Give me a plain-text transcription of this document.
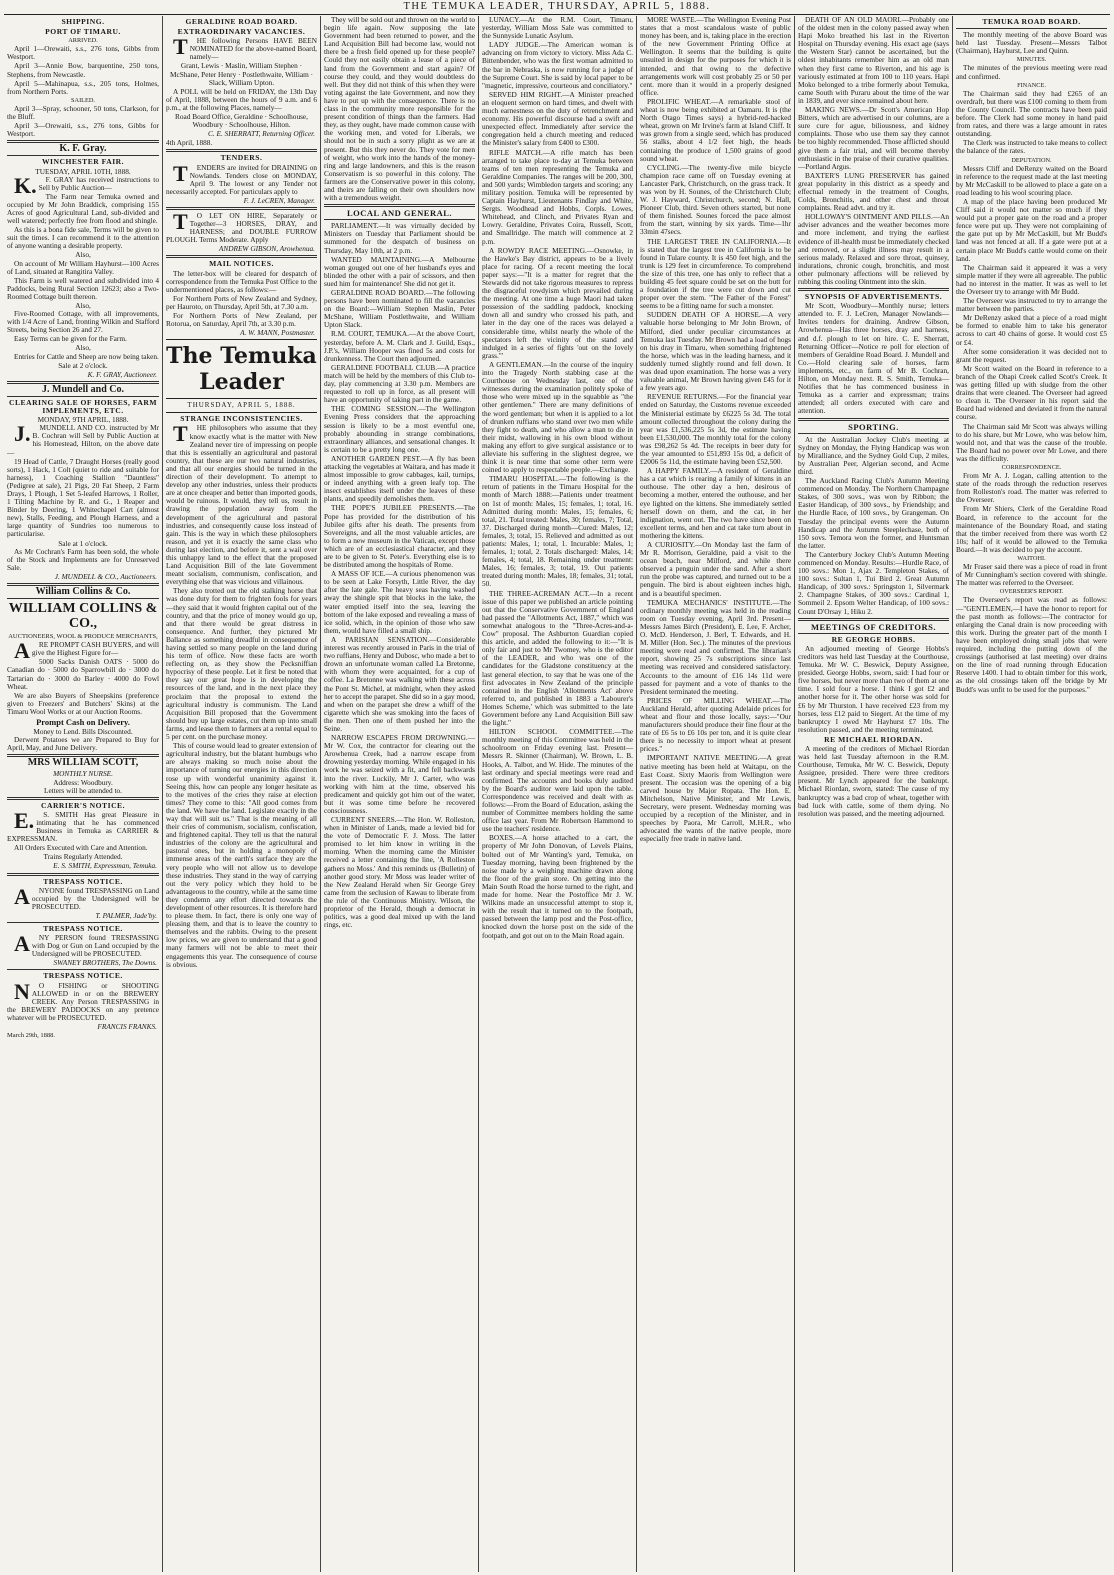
THE TEMUKA LEADER, THURSDAY, APRIL 5, 1888.
SHIPPING.
PORT OF TIMARU.
ARRIVED.

April 1—Orewaiti, s.s., 276 tons, Gibbs from Westport.

April 3—Annie Bow, barquentine, 250 tons, Stephens, from Newcastle.

April 5—Mahinapua, s.s., 205 tons, Holmes, from Northern Ports.

SAILED.

April 3—Spray, schooner, 50 tons, Clarkson, for the Bluff.

April 3—Orewaiti, s.s., 276 tons, Gibbs for Westport.

K. F. Gray.
WINCHESTER FAIR.
TUESDAY, APRIL 10TH, 1888.

K.F. GRAY has received instructions to Sell by Public Auction—

The Farm near Temuka owned and occupied by Mr John Braddick, comprising 155 Acres of good Agricultural Land, sub-divided and well watered; perfectly free from flood and shingle.

As this is a bona fide sale, Terms will be given to suit the times. I can recommend it to the attention of anyone wanting a desirable property.

Also,

On account of Mr William Hayhurst—100 Acres of Land, situated at Rangitira Valley.

This Farm is well watered and subdivided into 4 Paddocks, being Rural Section 12623; also a Two-Roomed Cottage built thereon.

Also,

Five-Roomed Cottage, with all improvements, with 1/4 Acre of Land, fronting Wilkin and Stafford Streets, being Section 26 and 27.

Easy Terms can be given for the Farm.

Also,

Entries for Cattle and Sheep are now being taken.

Sale at 2 o'clock.
K. F. GRAY, Auctioneer.
J. Mundell and Co.
CLEARING SALE OF HORSES, FARM IMPLEMENTS, ETC.
MONDAY, 9TH APRIL, 1888.

J.MUNDELL AND CO. instructed by Mr B. Cochran will Sell by Public Auction at his Homestead, Hilton, on the above date—

19 Head of Cattle, 7 Draught Horses (really good sorts), 1 Hack, 1 Colt (quiet to ride and suitable for harness), 1 Coaching Stallion "Dauntless" (Pedigree at sale), 21 Pigs, 20 Fat Sheep, 2 Farm Drays, 1 Plough, 1 Set 5-leafed Harrows, 1 Roller, 1 Tilting Machine by R. and G., 1 Reaper and Binder by Deering, 1 Whitechapel Cart (almost new), Stalls, Feeding, and Plough Harness, and a large quantity of Sundries too numerous to particularise.

Sale at 1 o'clock.

As Mr Cochran's Farm has been sold, the whole of the Stock and Implements are for Unreserved Sale.

J. MUNDELL & CO., Auctioneers.
William Collins & Co.
WILLIAM COLLINS & CO.,
AUCTIONEERS, WOOL & PRODUCE MERCHANTS,

ARE PROMPT CASH BUYERS, and will give the Highest Figure for—

5000 Sacks Danish OATS · 5000 do Canadian do · 5000 do Sparrowbill do · 3000 do Tartarian do · 3000 do Barley · 4000 do Fowl Wheat.

We are also Buyers of Sheepskins (preference given to Freezers' and Butchers' Skins) at the Timaru Wool Works or at our Auction Rooms.

Prompt Cash on Delivery.
Money to Lend. Bills Discounted.

Derwent Potatoes we are Prepared to Buy for April, May, and June Delivery.

MRS WILLIAM SCOTT,
MONTHLY NURSE.
Address: Woodbury.
Letters will be attended to.
CARRIER'S NOTICE.

E.S. SMITH Has great Pleasure in intimating that he has commenced Business in Temuka as CARRIER & EXPRESSMAN.

All Orders Executed with Care and Attention.

Trains Regularly Attended.
E. S. SMITH, Expressman, Temuka.
TRESPASS NOTICE.

ANYONE found TRESPASSING on Land occupied by the Undersigned will be PROSECUTED.

T. PALMER, Jade'by.
TRESPASS NOTICE.

ANY PERSON found TRESPASSING with Dog or Gun on Land occupied by the Undersigned will be PROSECUTED.

SWANEY BROTHERS, The Downs.
TRESPASS NOTICE.

NO FISHING or SHOOTING ALLOWED in or on the BREWERY CREEK. Any Person TRESPASSING in the BREWERY PADDOCKS on any pretence whatever will be PROSECUTED.

FRANCIS FRANKS.
March 29th, 1888.
GERALDINE ROAD BOARD.
EXTRAORDINARY VACANCIES.

THE following Persons HAVE BEEN NOMINATED for the above-named Board, namely—

Grant, Lewis · Maslin, William Stephen · McShane, Peter Henry · Postlethwaite, William · Slack, William Upton.

A POLL will be held on FRIDAY, the 13th Day of April, 1888, between the hours of 9 a.m. and 6 p.m., at the following Places, namely—

Road Board Office, Geraldine · Schoolhouse, Woodbury · Schoolhouse, Hilton.

C. E. SHERRATT, Returning Officer.
4th April, 1888.
TENDERS.

TENDERS are invited for DRAINING on Nowlands. Tenders close on MONDAY, April 9. The lowest or any Tender not necessarily accepted. For particulars apply to

F. J. LeCREN, Manager.

TO LET ON HIRE, Separately or Together—3 HORSES, DRAY, and HARNESS; and DOUBLE FURROW PLOUGH. Terms Moderate. Apply

ANDREW GIBSON, Arowhenua.
MAIL NOTICES.

The letter-box will be cleared for despatch of correspondence from the Temuka Post Office to the undermentioned places, as follows:—

For Northern Ports of New Zealand and Sydney, per Hauroto, on Thursday, April 5th, at 7.30 a.m.

For Northern Ports of New Zealand, per Rotorua, on Saturday, April 7th, at 3.30 p.m.

A. W. MANN, Postmaster.
The Temuka Leader
THURSDAY, APRIL 5, 1888.
STRANGE INCONSISTENCIES.

THE philosophers who assume that they know exactly what is the matter with New Zealand never tire of impressing on people that this is essentially an agricultural and pastoral country, that these are our two natural industries, and that all our energies should be turned in the direction of their development. To attempt to develop any other industries, unless their products are at once cheaper and better than imported goods, would be ruinous. It would, they tell us, result in drawing the population away from the development of the agricultural and pastoral industries, and consequently cause loss instead of gain. This is the way in which these philosophers reason, and yet it is exactly the same class who during last election, and before it, sent a wail over this unhappy land to the effect that the proposed Land Acquisition Bill of the late Government meant socialism, communism, confiscation, and everything else that was vicious and villainous.

They also trotted out the old stalking horse that was done duty for them to frighten fools for years—they said that it would frighten capital out of the country, and that the price of money would go up, and that there would be great distress in consequence. And further, they pictured Mr Ballance as something dreadful in consequence of having settled so many people on the land during his term of office. Now these facts are worth reflecting on, as they show the Pecksniffian hypocrisy of these people. Let it first be noted that they say our great hope is in developing the resources of the land, and in the next place they proclaim that the proposal to extend the agricultural industry is communism. The Land Acquisition Bill proposed that the Government should buy up large estates, cut them up into small farms, and lease them to farmers at a rental equal to 5 per cent. on the purchase money.

This of course would lead to greater extension of agricultural industry, but the blatant humbugs who are always making so much noise about the importance of turning our energies in this direction rose up with wonderful unanimity against it. Seeing this, how can people any longer hesitate as to the motives of the cries they raise at election times? They come to this: "All good comes from the land. We have the land. Legislate exactly in the way that will suit us." That is the meaning of all their cries of communism, socialism, confiscation, and frightened capital. They tell us that the natural industries of the colony are the agricultural and pastoral ones, but in holding a monopoly of immense areas of the earth's surface they are the very people who will not allow us to develope these industries. They stand in the way of carrying out the very policy which they hold to be advantageous to the country, while at the same time they condemn any effort directed towards the development of other resources. It is therefore hard to please them. In fact, there is only one way of pleasing them, and that is to leave the country to themselves and the rabbits. Owing to the present low prices, we are given to understand that a good many farmers will not be able to meet their engagements this year. The consequence of course is obvious.

They will be sold out and thrown on the world to begin life again. Now supposing the late Government had been returned to power, and the Land Acquisition Bill had become law, would not there be a fresh field opened up for these people? Could they not easily obtain a lease of a piece of land from the Government and start again? Of course they could, and they would doubtless do well. But they did not think of this when they were voting against the late Government, and now they have to put up with the consequence. There is no class in the community more responsible for the present condition of things than the farmers. Had they, as they ought, have made common cause with the working men, and voted for Liberals, we should not be in such a sorry plight as we are at present. But this they never do. They vote for men of weight, who work into the hands of the money-ring and large landowners, and this is the reason Conservatism is so powerful in this colony. The farmers are the Conservative power in this colony, and theirs are falling on their own shoulders now with a tremendous weight.

LOCAL AND GENERAL.

PARLIAMENT.—It was virtually decided by Ministers on Tuesday that Parliament should be summoned for the despatch of business on Thursday, May 10th, at 2 p.m.

WANTED MAINTAINING.—A Melbourne woman gouged out one of her husband's eyes and blinded the other with a pair of scissors, and then sued him for maintenance! She did not get it.

GERALDINE ROAD BOARD.—The following persons have been nominated to fill the vacancies on the Board:—William Stephen Maslin, Peter McShane, William Postlethwaite, and William Upton Slack.

R.M. COURT, TEMUKA.—At the above Court, yesterday, before A. M. Clark and J. Guild, Esqs., J.P.'s, William Hooper was fined 5s and costs for drunkenness. The Court then adjourned.

GERALDINE FOOTBALL CLUB.—A practice match will be held by the members of this Club to-day, play commencing at 3.30 p.m. Members are requested to roll up in force, as all present will have an opportunity of taking part in the game.

THE COMING SESSION.—The Wellington Evening Press considers that the approaching session is likely to be a most eventful one, probably abounding in strange combinations, extraordinary alliances, and sensational changes. It is certain to be a pretty long one.

ANOTHER GARDEN PEST.—A fly has been attacking the vegetables at Waitara, and has made it almost impossible to grow cabbages, kail, turnips, or indeed anything with a green leafy top. The insect establishes itself under the leaves of these plants, and speedily demolishes them.

THE POPE'S JUBILEE PRESENTS.—The Pope has provided for the distribution of his Jubilee gifts after his death. The presents from Sovereigns, and all the most valuable articles, are to form a new museum in the Vatican, except those which are of an ecclesiastical character, and they are to be given to St. Peter's. Everything else is to be distributed among the hospitals of Rome.

A MASS OF ICE.—A curious phenomenon was to be seen at Lake Forsyth, Little River, the day after the late gale. The heavy seas having washed away the shingle spit that blocks in the lake, the water emptied itself into the sea, leaving the bottom of the lake exposed and revealing a mass of ice solid, which, in the opinion of those who saw them, would have filled a small ship.

A PARISIAN SENSATION.—Considerable interest was recently aroused in Paris in the trial of two ruffians, Henry and Dubosc, who made a bet to drown an unfortunate woman called La Bretonne, with whom they were acquainted, for a cup of coffee. La Bretonne was walking with these across the Pont St. Michel, at midnight, when they asked her to accept the parapet. She did so in a gay mood, and when on the parapet she drew a whiff of the cigarette which she was smoking into the faces of the men. Then one of them pushed her into the Seine.

NARROW ESCAPES FROM DROWNING.—Mr W. Cox, the contractor for clearing out the Arowhenua Creek, had a narrow escape from drowning yesterday morning. While engaged in his work he was seized with a fit, and fell backwards into the river. Luckily, Mr J. Carter, who was working with him at the time, observed his predicament and quickly got him out of the water, but it was some time before he recovered consciousness.

CURRENT SNEERS.—The Hon. W. Rolleston, when in Minister of Lands, made a levied bid for the vote of Democratic F. J. Moss. The latter promised to let him know in writing in the morning. When the morning came the Minister received a letter containing the line, 'A Rolleston gathers no Moss.' And this reminds us (Bulletin) of another good story. Mr Moss was leader writer of the New Zealand Herald when Sir George Grey came from the seclusion of Kawau to liberate from the rule of the Continuous Ministry. Wilson, the proprietor of the Herald, though a democrat in politics, was a good deal mixed up with the land rings, etc.

LUNACY.—At the R.M. Court, Timaru, yesterday, William Moss Sale was committed to the Sunnyside Lunatic Asylum.

LADY JUDGE.—The American woman is advancing on from victory to victory. Miss Ada C. Bittenbender, who was the first woman admitted to the bar in Nebraska, is now running for a judge of the Supreme Court. She is said by local paper to be "magnetic, impressive, courteous and conciliatory."

SERVED HIM RIGHT.—A Minister preached an eloquent sermon on hard times, and dwelt with much earnestness on the duty of retrenchment and economy. His powerful discourse had a swift and unexpected effect. Immediately after service the congregation held a church meeting and reduced the Minister's salary from £400 to £300.

RIFLE MATCH.—A rifle match has been arranged to take place to-day at Temuka between teams of ten men representing the Temuka and Geraldine Companies. The ranges will be 200, 300, and 500 yards; Wimbledon targets and scoring; any military position. Temuka will be represented by Captain Hayhurst, Lieutenants Findlay and White, Sergts. Woodhead and Hobbs, Corpls. Lowes, Whitehead, and Clinch, and Privates Ryan and Lowry. Geraldine, Privates Coira, Russell, Scott, and Smallridge. The match will commence at 2 p.m.

A ROWDY RACE MEETING.—Osnowke, in the Hawke's Bay district, appears to be a lively place for racing. Of a recent meeting the local paper says:—"It is a matter for regret that the Stewards did not take rigorous measures to repress the disgraceful rowdyism which prevailed during the meeting. At one time a huge Maori had taken possession of the saddling paddock, knocking down all and sundry who crossed his path, and later in the day one of the races was delayed a considerable time, whilst nearly the whole of the spectators left the vicinity of the stand and indulged in a series of fights 'out on the lovely grass.'"

A GENTLEMAN.—In the course of the inquiry into the Tragedy North stabbing case at the Courthouse on Wednesday last, one of the witnesses during the examination politely spoke of those who were mixed up in the squabble as "the other gentlemen." There are many definitions of the word gentleman; but when it is applied to a lot of drunken ruffians who stand over two men while they fight to death, and who allow a man to die in their midst, wallowing in his own blood without making any effort to give surgical assistance or to alleviate his suffering in the slightest degree, we think it is near time that some other term were coined to apply to respectable people.—Exchange.

TIMARU HOSPITAL.—The following is the return of patients in the Timaru Hospital for the month of March 1888:—Patients under treatment on 1st of month: Males, 15; females, 1; total, 16. Admitted during month: Males, 15; females, 6; total, 21. Total treated: Males, 30; females, 7; Total, 37. Discharged during month—Cured: Males, 12; females, 3; total, 15. Relieved and admitted as out patients: Males, 1; total, 1. Incurable: Males, 1; females, 1; total, 2. Totals discharged: Males, 14; females, 4; total, 18. Remaining under treatment: Males, 16; females, 3; total, 19. Out patients treated during month: Males, 18; females, 31; total, 50.

THE THREE-ACREMAN ACT.—In a recent issue of this paper we published an article pointing out that the Conservative Government of England had passed the "Allotments Act, 1887," which was somewhat analogous to the "Three-Acres-and-a-Cow" proposal. The Ashburton Guardian copied this article, and added the following to it:—"It is only fair and just to Mr Twomey, who is the editor of the LEADER, and who was one of the candidates for the Gladstone constituency at the last general election, to say that he was one of the first advocates in New Zealand of the principle contained in the English 'Allotments Act' above referred to, and published in 1883 a 'Labourer's Homes Scheme,' which was submitted to the late Government before any Land Acquisition Bill saw the light."

HILTON SCHOOL COMMITTEE.—The monthly meeting of this Committee was held in the schoolroom on Friday evening last. Present—Messrs R. Skinner (Chairman), W. Brown, L. B. Hooks, A. Talbot, and W. Hide. The minutes of the last ordinary and special meetings were read and confirmed. The accounts and books duly audited by the Board's auditor were laid upon the table. Correspondence was received and dealt with as follows:—From the Board of Education, asking the number of Committee members holding the same office last year. From Mr Robertson Hammond to use the teachers' residence.

BOXES.—A horse attached to a cart, the property of Mr John Donovan, of Levels Plains, bolted out of Mr Wanting's yard, Temuka, on Tuesday morning, having been frightened by the noise made by a weighing machine drawn along the floor of the grain store. On getting into the Main South Road the horse turned to the right, and made for home. Near the Postoffice Mr J. W. Wilkins made an unsuccessful attempt to stop it, with the result that it turned on to the footpath, passed between the lamp post and the Post-office, knocked down the horse post on the side of the footpath, and got out on to the Main Road again.

MORE WASTE.—The Wellington Evening Post states that a most scandalous waste of public money has been, and is, taking place in the erection of the new Government Printing Office at Wellington. It seems that the building is quite unsuited in design for the purposes for which it is intended, and that owing to the defective arrangements work will cost probably 25 or 50 per cent. more than it would in a properly designed office.

PROLIFIC WHEAT.—A remarkable stool of wheat is now being exhibited at Oamaru. It is (the North Otago Times says) a hybrid-red-hacked wheat, grown on Mr Irvine's farm at Island Cliff. It was grown from a single seed, which has produced 56 stalks, about 4 1/2 feet high, the heads containing the produce of 1,500 grains of good sound wheat.

CYCLING.—The twenty-five mile bicycle champion race came off on Tuesday evening at Lancaster Park, Christchurch, on the grass track. It was won by H. Sounes, of the Christchurch Club; W. J. Hayward, Christchurch, second; N. Hall, Pioneer Club, third. Seven others started, but none of them finished. Sounes forced the pace almost from the start, winning by six yards. Time—1hr 33min 47secs.

THE LARGEST TREE IN CALIFORNIA.—It is stated that the largest tree in California is to be found in Tulare county. It is 450 feet high, and the trunk is 129 feet in circumference. To comprehend the size of this tree, one has only to reflect that a building 45 feet square could be set on the butt for a foundation if the tree were cut down and cut proper over the stem. "The Father of the Forest" seems to be a fitting name for such a monster.

SUDDEN DEATH OF A HORSE.—A very valuable horse belonging to Mr John Brown, of Milford, died under peculiar circumstances at Temuka last Tuesday. Mr Brown had a load of hogs on his dray in Timaru, when something frightened the horse, which was in the leading harness, and it suddenly turned slightly round and fell down. It was dead upon examination. The horse was a very valuable animal, Mr Brown having given £45 for it a few years ago.

REVENUE RETURNS.—For the financial year ended on Saturday, the Customs revenue exceeded the Ministerial estimate by £6225 5s 3d. The total amount collected throughout the colony during the year was £1,536,225 5s 3d, the estimate having been £1,530,000. The monthly total for the colony was £98,262 5s 4d. The receipts in beer duty for the year amounted to £51,893 15s 0d, a deficit of £2006 5s 11d, the estimate having been £52,500.

A HAPPY FAMILY.—A resident of Geraldine has a cat which is rearing a family of kittens in an outhouse. The other day a hen, desirous of becoming a mother, entered the outhouse, and her eye lighted on the kittens. She immediately settled herself down on them, and the cat, in her indignation, went out. The two have since been on excellent terms, and hen and cat take turn about in mothering the kittens.

A CURIOSITY.—On Monday last the farm of Mr R. Morrison, Geraldine, paid a visit to the ocean beach, near Milford, and while there observed a penguin under the sand. After a short run the probe was captured, and turned out to be a penguin. The bird is about eighteen inches high, and is a beautiful specimen.

TEMUKA MECHANICS' INSTITUTE.—The ordinary monthly meeting was held in the reading room on Tuesday evening, April 3rd. Present—Messrs James Birch (President), E. Lee, F. Archer, O. McD. Henderson, J. Berl, T. Edwards, and H. M. Miller (Hon. Sec.). The minutes of the previous meeting were read and confirmed. The librarian's report, showing 25 7s subscriptions since last meeting was received and considered satisfactory. Accounts to the amount of £16 14s 11d were passed for payment and a vote of thanks to the President terminated the meeting.

PRICES OF MILLING WHEAT.—The Auckland Herald, after quoting Adelaide prices for wheat and flour and those locally, says:—"Our manufacturers should produce their fine flour at the rate of £6 5s to £6 10s per ton, and it is quite clear there is no necessity to import wheat at present prices."

IMPORTANT NATIVE MEETING.—A great native meeting has been held at Waitapu, on the East Coast. Sixty Maoris from Wellington were present. The occasion was the opening of a big carved house by Major Ropata. The Hon. E. Mitchelson, Native Minister, and Mr Lewis, Secretary, were present. Wednesday morning was occupied by a reception of the Minister, and in speeches by Paora, Mr Carroll, M.H.R., who advocated the wants of the native people, more especially free trade in native land.

DEATH OF AN OLD MAORI.—Probably one of the oldest men in the colony passed away when Hapi Moko breathed his last in the Riverton Hospital on Thursday evening. His exact age (says the Western Star) cannot be ascertained, but the oldest inhabitants remember him as an old man when they first came to Riverton, and his age is variously estimated at from 100 to 110 years. Hapi Moko belonged to a tribe formerly about Temuka, came South with Puraru about the time of the war in 1839, and ever since remained about here.

MAKING NEWS.—Dr Scott's American Hop Bitters, which are advertised in our columns, are a sure cure for ague, biliousness, and kidney complaints. Those who use them say they cannot be too highly recommended. Those afflicted should give them a fair trial, and will become thereby enthusiastic in the praise of their curative qualities.—Portland Argus.

BAXTER'S LUNG PRESERVER has gained great popularity in this district as a speedy and effectual remedy in the treatment of Coughs, Colds, Bronchitis, and other chest and throat complaints. Read advt. and try it.

HOLLOWAY'S OINTMENT AND PILLS.—An adviser advances and the weather becomes more and more inclement, and trying the earliest evidence of ill-health must be immediately checked and removed, or a slight illness may result in a serious malady. Relaxed and sore throat, quinsey, indurations, chronic cough, bronchitis, and most other pulmonary affections will be relieved by rubbing this cooling Ointment into the skin.

SYNOPSIS OF ADVERTISEMENTS.

Mr Scott, Woodbury—Monthly nurse; letters attended to. F. J. LeCren, Manager Nowlands—Invites tenders for draining. Andrew Gibson, Arowhenua—Has three horses, dray and harness, and d.f. plough to let on hire. C. E. Sherratt, Returning Officer—Notice re poll for election of members of Geraldine Road Board. J. Mundell and Co.—Hold clearing sale of horses, farm implements, etc., on farm of Mr B. Cochran, Hilton, on Monday next. R. S. Smith, Temuka—Notifies that he has commenced business in Temuka as a carrier and expressman; trains attended; all orders executed with care and attention.

SPORTING.

At the Australian Jockey Club's meeting at Sydney on Monday, the Flying Handicap was won by Miralliance, and the Sydney Gold Cup, 2 miles, by Australian Peer, Algerian second, and Acme third.

The Auckland Racing Club's Autumn Meeting commenced on Monday. The Northern Champagne Stakes, of 300 sovs., was won by Ribbon; the Easter Handicap, of 300 sovs., by Friendship; and the Hurdle Race, of 100 sovs., by Grangeman. On Tuesday the principal events were the Autumn Handicap and the Autumn Steeplechase, both of 150 sovs. Temora won the former, and Huntsman the latter.

The Canterbury Jockey Club's Autumn Meeting commenced on Monday. Results:—Hurdle Race, of 100 sovs.: Mon 1, Ajax 2. Templeton Stakes, of 100 sovs.: Sultan 1, Tui Bird 2. Great Autumn Handicap, of 300 sovs.: Springston 1, Silvermark 2. Champagne Stakes, of 300 sovs.: Cardinal 1, Sommeil 2. Epsom Welter Handicap, of 100 sovs.: Count D'Orsay 1, Hiku 2.

MEETINGS OF CREDITORS.
RE GEORGE HOBBS.

An adjourned meeting of George Hobbs's creditors was held last Tuesday at the Courthouse, Temuka. Mr W. C. Beswick, Deputy Assignee, presided. George Hobbs, sworn, said: I had four or five horses, but never more than two of them at one time. I sold four a horse. I think I got £2 and another horse for it. The other horse was sold for £6 by Mr Thurston. I have received £23 from my horses, less £12 paid to Siegert. At the time of my bankruptcy I owed Mr Hayhurst £7 10s. The resolution passed, and the meeting terminated.

RE MICHAEL RIORDAN.

A meeting of the creditors of Michael Riordan was held last Tuesday afternoon in the R.M. Courthouse, Temuka, Mr W. C. Beswick, Deputy Assignee, presided. There were three creditors present. Mr Lynch appeared for the bankrupt. Michael Riordan, sworn, stated: The cause of my bankruptcy was a bad crop of wheat, together with bad luck with cattle, some of them dying. No resolution was passed, and the meeting adjourned.

TEMUKA ROAD BOARD.

The monthly meeting of the above Board was held last Tuesday. Present—Messrs Talbot (Chairman), Hayhurst, Lee and Quinn.

MINUTES.

The minutes of the previous meeting were read and confirmed.

FINANCE.

The Chairman said they had £265 of an overdraft, but there was £100 coming to them from the County Council. The contracts have been paid before. The Clerk had some money in hand paid from rates, and there was a large amount in rates outstanding.

The Clerk was instructed to take means to collect the balance of the rates.

DEPUTATION.

Messrs Cliff and DeRenzy waited on the Board in reference to the request made at the last meeting by Mr McCaskill to be allowed to place a gate on a road leading to his wool scouring place.

A map of the place having been produced Mr Cliff said it would not matter so much if they would put a proper gate on the road and a proper fence were put up. They were not complaining of the gate put up by Mr McCaskill, but Mr Budd's land was not fenced at all. If a gate were put at a certain place Mr Budd's cattle would come on their land.

The Chairman said it appeared it was a very simple matter if they were all agreeable. The public had no interest in the matter. It was as well to let the Overseer try to arrange with Mr Budd.

The Overseer was instructed to try to arrange the matter between the parties.

Mr DeRenzy asked that a piece of a road might be formed to enable him to take his generator across to cart 40 chains of gorse. It would cost £5 or £4.

After some consideration it was decided not to grant the request.

Mr Scott waited on the Board in reference to a branch of the Ohapi Creek called Scott's Creek. It was getting filled up with sludge from the other drains that were cleaned. The Overseer had agreed to clean it. The Overseer in his report said the Board had widened and deviated it from the natural course.

The Chairman said Mr Scott was always willing to do his share, but Mr Lowe, who was below him, would not, and that was the cause of the trouble. The Board had no power over Mr Lowe, and there was the difficulty.

CORRESPONDENCE.

From Mr A. J. Logan, calling attention to the state of the roads through the reduction reserves from Rolleston's road. The matter was referred to the Overseer.

From Mr Shiers, Clerk of the Geraldine Road Board, in reference to the account for the maintenance of the Boundary Road, and stating that the timber received from there was worth £2 10s; half of it would be allowed to the Temuka Board.—It was decided to pay the account.

WAITOHI.

Mr Fraser said there was a piece of road in front of Mr Cunningham's section covered with shingle. The matter was referred to the Overseer.

OVERSEER'S REPORT.

The Overseer's report was read as follows:—"GENTLEMEN,—I have the honor to report for the past month as follows:—The contractor for enlarging the Canal drain is now proceeding with this work. During the greater part of the month I have been employed doing small jobs that were required, including the putting down of the crossings (authorised at last meeting) over drains on the line of road running through Education Reserve 1400. I had to obtain timber for this work, as the old crossings taken off the bridge by Mr Budd's was unfit to be used for the purposes."
